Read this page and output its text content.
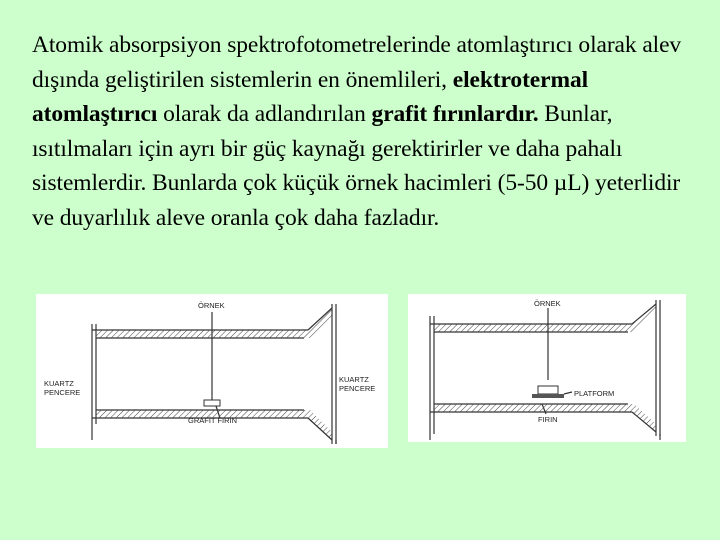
Atomik absorpsiyon spektrofotometrelerinde atomlaştırıcı olarak alev dışında geliştirilen sistemlerin en önemlileri, elektrotermal atomlaştırıcı olarak da adlandırılan grafit fırınlardır. Bunlar, ısıtılmaları için ayrı bir güç kaynağı gerektirirler ve daha pahalı sistemlerdir. Bunlarda çok küçük örnek hacimleri (5-50 µL) yeterlidir ve duyarlılık aleve oranla çok daha fazladır.
ÖRNEK
KUARTZ
PENCERE
KUARTZ
PENCERE
GRAFİT FIRIN
ÖRNEK
PLATFORM
FIRIN
